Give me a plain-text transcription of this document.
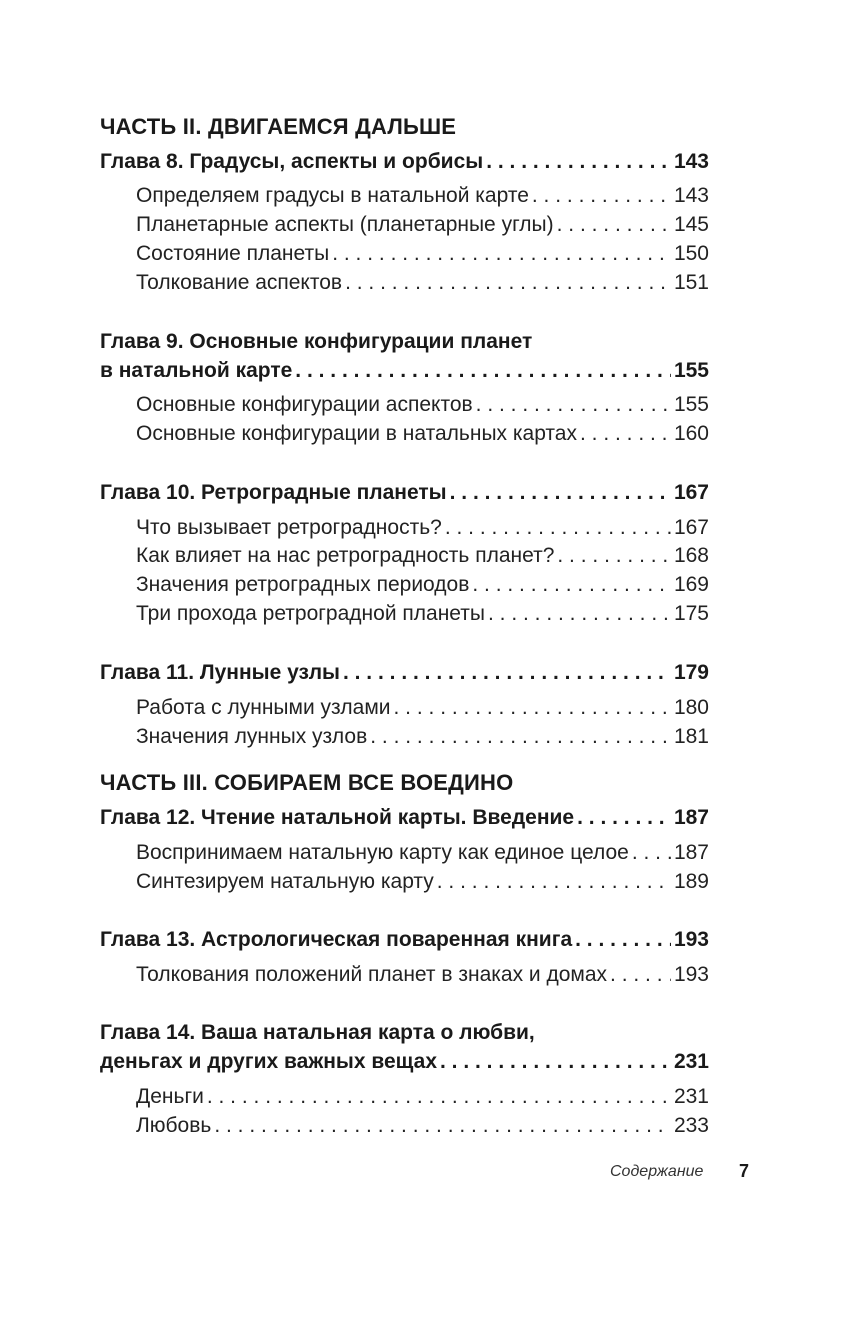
ЧАСТЬ II. ДВИГАЕМСЯ ДАЛЬШЕ
Глава 8. Градусы, аспекты и орбисы . . .	143
Определяем градусы в натальной карте . . .	143
Планетарные аспекты (планетарные углы) . . .	145
Состояние планеты . . .	150
Толкование аспектов . . .	151
Глава 9. Основные конфигурации планет
в натальной карте . . .	155
Основные конфигурации аспектов . . .	155
Основные конфигурации в натальных картах . . .	160
Глава 10. Ретроградные планеты . . .	167
Что вызывает ретроградность? . . .	167
Как влияет на нас ретроградность планет? . . .	168
Значения ретроградных периодов . . .	169
Три прохода ретроградной планеты . . .	175
Глава 11. Лунные узлы . . .	179
Работа с лунными узлами . . .	180
Значения лунных узлов . . .	181
ЧАСТЬ III. СОБИРАЕМ ВСЕ ВОЕДИНО
Глава 12. Чтение натальной карты. Введение . . .	187
Воспринимаем натальную карту как единое целое . . . 187
Синтезируем натальную карту . . .	189
Глава 13. Астрологическая поваренная книга . . .	193
Толкования положений планет в знаках и домах . . .	193
Глава 14. Ваша натальная карта о любви,
деньгах и других важных вещах . . .	231
Деньги . . .	231
Любовь . . .	233
Содержание 7
